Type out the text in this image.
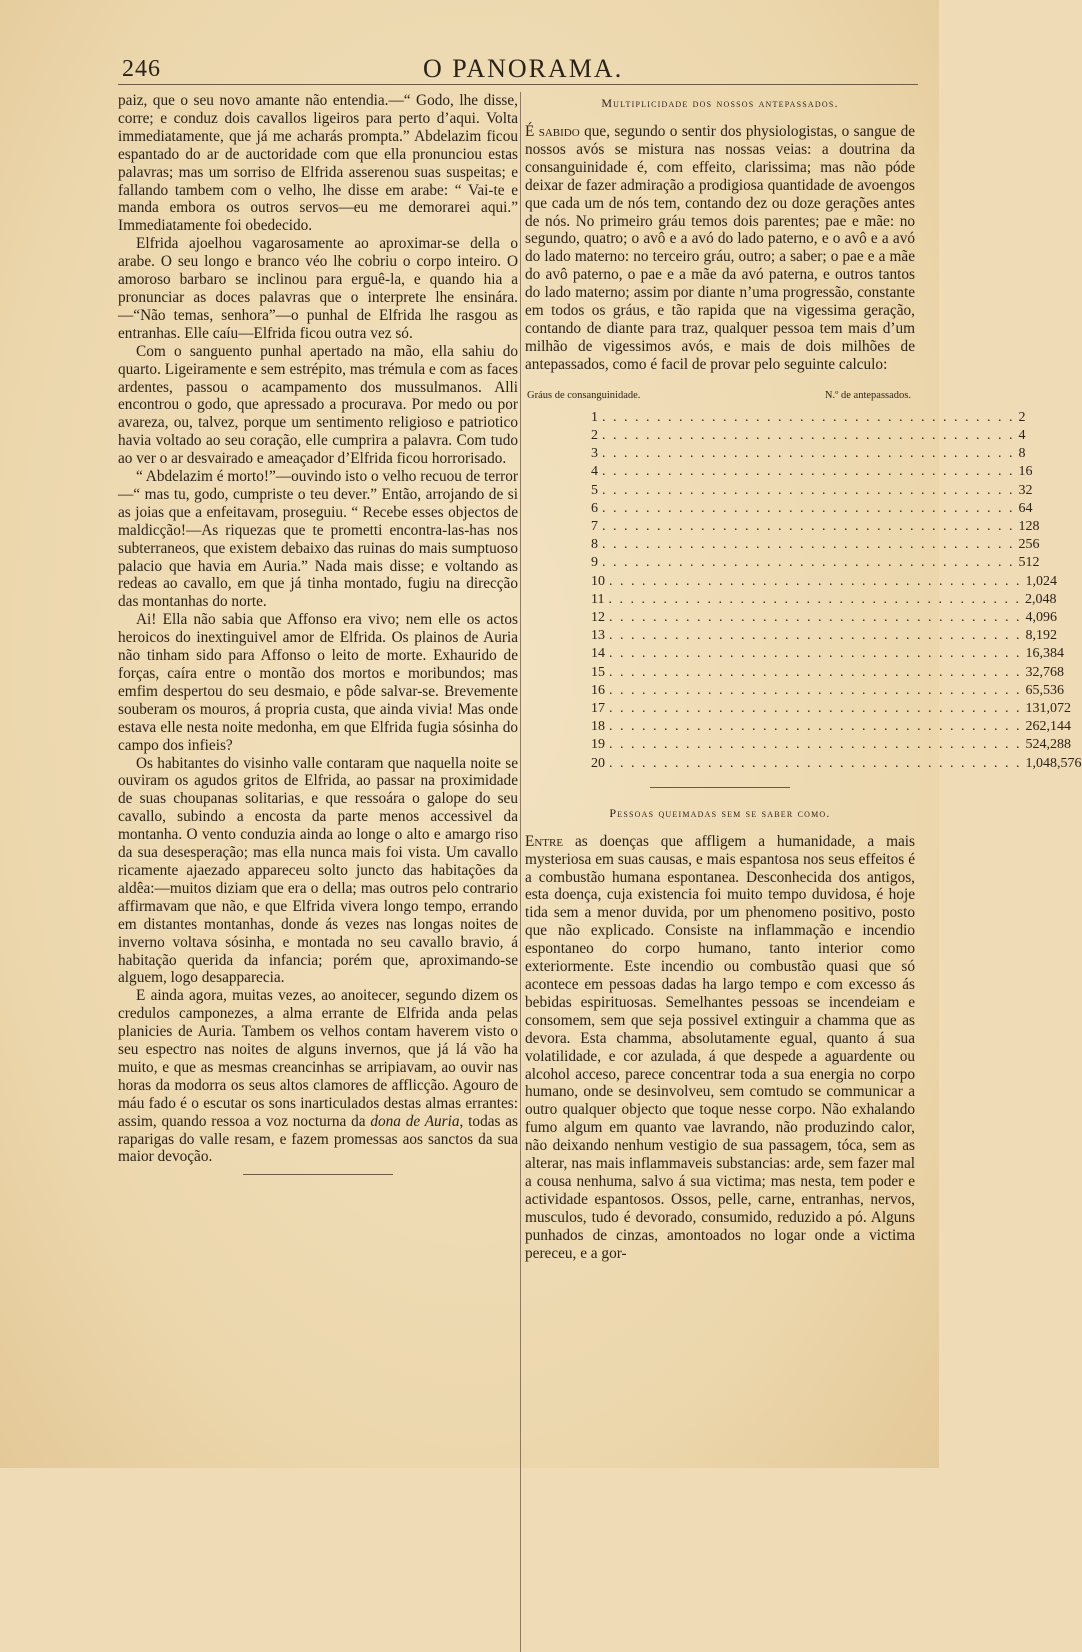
246	O PANORAMA.

paiz, que o seu novo amante não entendia.—“ Godo, lhe disse, corre; e conduz dois cavallos ligeiros para perto d’aqui. Volta immediatamente, que já me acharás prompta.” Abdelazim ficou espantado do ar de auctoridade com que ella pronunciou estas palavras; mas um sorriso de Elfrida asserenou suas suspeitas; e fallando tambem com o velho, lhe disse em arabe: “ Vai-te e manda embora os outros servos—eu me demorarei aqui.” Immediatamente foi obedecido.

Elfrida ajoelhou vagarosamente ao aproximar-se della o arabe. O seu longo e branco véo lhe cobriu o corpo inteiro. O amoroso barbaro se inclinou para erguê-la, e quando hia a pronunciar as doces palavras que o interprete lhe ensinára.—“Não temas, senhora”—o punhal de Elfrida lhe rasgou as entranhas. Elle caíu—Elfrida ficou outra vez só.

Com o sanguento punhal apertado na mão, ella sahiu do quarto. Ligeiramente e sem estrépito, mas trémula e com as faces ardentes, passou o acampamento dos mussulmanos. Alli encontrou o godo, que apressado a procurava. Por medo ou por avareza, ou, talvez, porque um sentimento religioso e patriotico havia voltado ao seu coração, elle cumprira a palavra. Com tudo ao ver o ar desvairado e ameaçador d’Elfrida ficou horrorisado.

“ Abdelazim é morto!”—ouvindo isto o velho recuou de terror—“ mas tu, godo, cumpriste o teu dever.” Então, arrojando de si as joias que a enfeitavam, proseguiu. “ Recebe esses objectos de maldicção!—As riquezas que te prometti encontra-las-has nos subterraneos, que existem debaixo das ruinas do mais sumptuoso palacio que havia em Auria.” Nada mais disse; e voltando as redeas ao cavallo, em que já tinha montado, fugiu na direcção das montanhas do norte.

Ai! Ella não sabia que Affonso era vivo; nem elle os actos heroicos do inextinguivel amor de Elfrida. Os plainos de Auria não tinham sido para Affonso o leito de morte. Exhaurido de forças, caíra entre o montão dos mortos e moribundos; mas emfim despertou do seu desmaio, e pôde salvar-se. Brevemente souberam os mouros, á propria custa, que ainda vivia! Mas onde estava elle nesta noite medonha, em que Elfrida fugia sósinha do campo dos infieis?

Os habitantes do visinho valle contaram que naquella noite se ouviram os agudos gritos de Elfrida, ao passar na proximidade de suas choupanas solitarias, e que ressoára o galope do seu cavallo, subindo a encosta da parte menos accessivel da montanha. O vento conduzia ainda ao longe o alto e amargo riso da sua desesperação; mas ella nunca mais foi vista. Um cavallo ricamente ajaezado appareceu solto juncto das habitações da aldêa:—muitos diziam que era o della; mas outros pelo contrario affirmavam que não, e que Elfrida vivera longo tempo, errando em distantes montanhas, donde ás vezes nas longas noites de inverno voltava sósinha, e montada no seu cavallo bravio, á habitação querida da infancia; porém que, aproximando-se alguem, logo desapparecia.

E ainda agora, muitas vezes, ao anoitecer, segundo dizem os credulos camponezes, a alma errante de Elfrida anda pelas planicies de Auria. Tambem os velhos contam haverem visto o seu espectro nas noites de alguns invernos, que já lá vão ha muito, e que as mesmas creancinhas se arripiavam, ao ouvir nas horas da modorra os seus altos clamores de afflicção. Agouro de máu fado é o escutar os sons inarticulados destas almas errantes: assim, quando ressoa a voz nocturna da dona de Auria, todas as raparigas do valle resam, e fazem promessas aos sanctos da sua maior devoção.

Multiplicidade dos nossos antepassados.

É sabido que, segundo o sentir dos physiologistas, o sangue de nossos avós se mistura nas nossas veias: a doutrina da consanguinidade é, com effeito, clarissima; mas não póde deixar de fazer admiração a prodigiosa quantidade de avoengos que cada um de nós tem, contando dez ou doze gerações antes de nós. No primeiro gráu temos dois parentes; pae e mãe: no segundo, quatro; o avô e a avó do lado paterno, e o avô e a avó do lado materno: no terceiro gráu, outro; a saber; o pae e a mãe do avô paterno, o pae e a mãe da avó paterna, e outros tantos do lado materno; assim por diante n’uma progressão, constante em todos os gráus, e tão rapida que na vigessima geração, contando de diante para traz, qualquer pessoa tem mais d’um milhão de vigessimos avós, e mais de dois milhões de antepassados, como é facil de provar pelo seguinte calculo:

Gráus de consanguinidade.	N.º de antepassados.
1 . . . . . . . . . . . . . . . . . . . . . . . . . . . . . . . . . . . . . . 2
2 . . . . . . . . . . . . . . . . . . . . . . . . . . . . . . . . . . . . . . 4
3 . . . . . . . . . . . . . . . . . . . . . . . . . . . . . . . . . . . . . . 8
4 . . . . . . . . . . . . . . . . . . . . . . . . . . . . . . . . . . . . . . 16
5 . . . . . . . . . . . . . . . . . . . . . . . . . . . . . . . . . . . . . . 32
6 . . . . . . . . . . . . . . . . . . . . . . . . . . . . . . . . . . . . . . 64
7 . . . . . . . . . . . . . . . . . . . . . . . . . . . . . . . . . . . . . . 128
8 . . . . . . . . . . . . . . . . . . . . . . . . . . . . . . . . . . . . . . 256
9 . . . . . . . . . . . . . . . . . . . . . . . . . . . . . . . . . . . . . . 512
10 . . . . . . . . . . . . . . . . . . . . . . . . . . . . . . . . . . . . . . 1,024
11 . . . . . . . . . . . . . . . . . . . . . . . . . . . . . . . . . . . . . . 2,048
12 . . . . . . . . . . . . . . . . . . . . . . . . . . . . . . . . . . . . . . 4,096
13 . . . . . . . . . . . . . . . . . . . . . . . . . . . . . . . . . . . . . . 8,192
14 . . . . . . . . . . . . . . . . . . . . . . . . . . . . . . . . . . . . . . 16,384
15 . . . . . . . . . . . . . . . . . . . . . . . . . . . . . . . . . . . . . . 32,768
16 . . . . . . . . . . . . . . . . . . . . . . . . . . . . . . . . . . . . . . 65,536
17 . . . . . . . . . . . . . . . . . . . . . . . . . . . . . . . . . . . . . . 131,072
18 . . . . . . . . . . . . . . . . . . . . . . . . . . . . . . . . . . . . . . 262,144
19 . . . . . . . . . . . . . . . . . . . . . . . . . . . . . . . . . . . . . . 524,288
20 . . . . . . . . . . . . . . . . . . . . . . . . . . . . . . . . . . . . . . 1,048,576
Pessoas queimadas sem se saber como.

Entre as doenças que affligem a humanidade, a mais mysteriosa em suas causas, e mais espantosa nos seus effeitos é a combustão humana espontanea. Desconhecida dos antigos, esta doença, cuja existencia foi muito tempo duvidosa, é hoje tida sem a menor duvida, por um phenomeno positivo, posto que não explicado. Consiste na inflammação e incendio espontaneo do corpo humano, tanto interior como exteriormente. Este incendio ou combustão quasi que só acontece em pessoas dadas ha largo tempo e com excesso ás bebidas espirituosas. Semelhantes pessoas se incendeiam e consomem, sem que seja possivel extinguir a chamma que as devora. Esta chamma, absolutamente egual, quanto á sua volatilidade, e cor azulada, á que despede a aguardente ou alcohol acceso, parece concentrar toda a sua energia no corpo humano, onde se desinvolveu, sem comtudo se communicar a outro qualquer objecto que toque nesse corpo. Não exhalando fumo algum em quanto vae lavrando, não produzindo calor, não deixando nenhum vestigio de sua passagem, tóca, sem as alterar, nas mais inflammaveis substancias: arde, sem fazer mal a cousa nenhuma, salvo á sua victima; mas nesta, tem poder e actividade espantosos. Ossos, pelle, carne, entranhas, nervos, musculos, tudo é devorado, consumido, reduzido a pó. Alguns punhados de cinzas, amontoados no logar onde a victima pereceu, e a gor-
